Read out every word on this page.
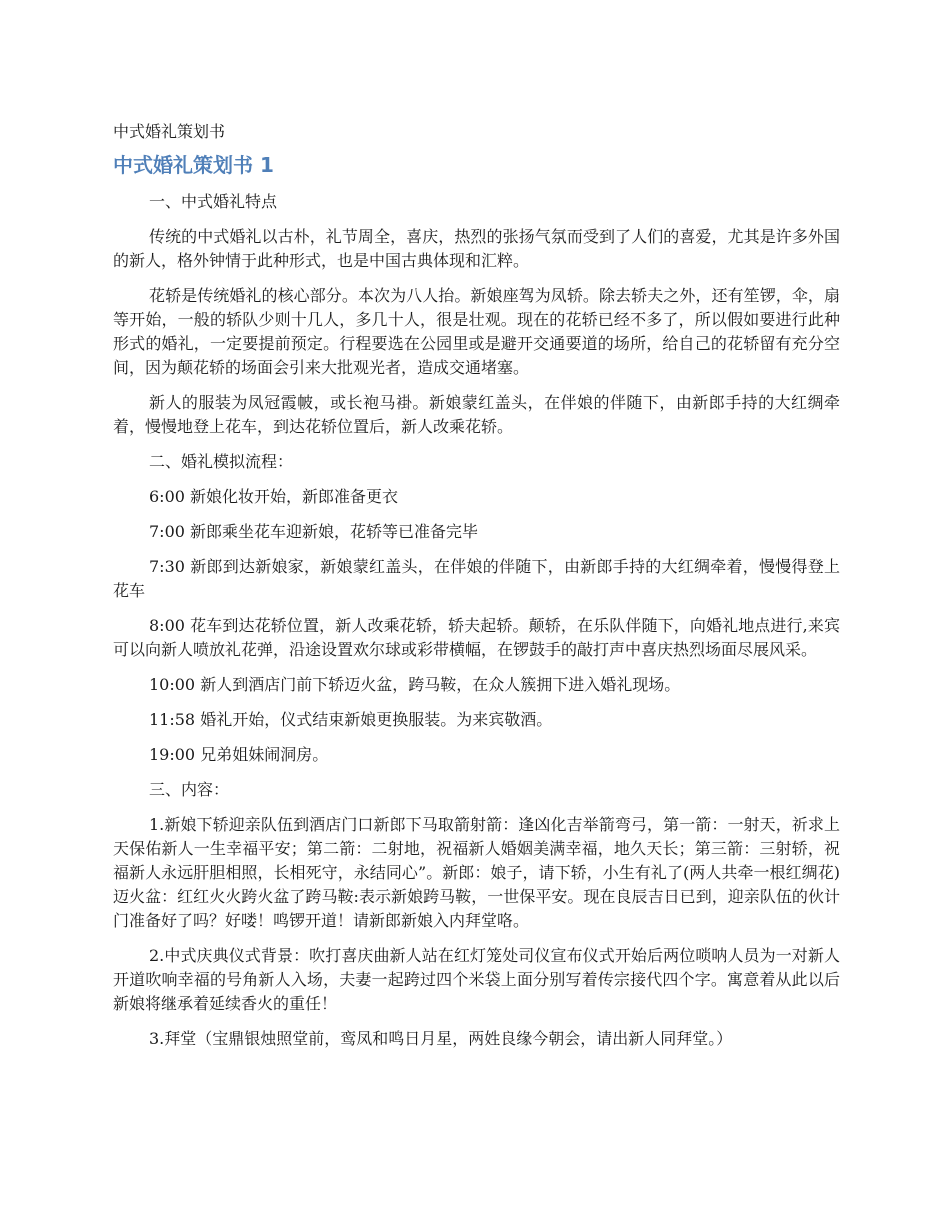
中式婚礼策划书

中式婚礼策划书 1

一、中式婚礼特点

传统的中式婚礼以古朴，礼节周全，喜庆，热烈的张扬气氛而受到了人们的喜爱，尤其是许多外国的新人，格外钟情于此种形式，也是中国古典体现和汇粹。

花轿是传统婚礼的核心部分。本次为八人抬。新娘座驾为凤轿。除去轿夫之外，还有笙锣，伞，扇等开始，一般的轿队少则十几人，多几十人，很是壮观。现在的花轿已经不多了，所以假如要进行此种形式的婚礼，一定要提前预定。行程要选在公园里或是避开交通要道的场所，给自己的花轿留有充分空间，因为颠花轿的场面会引来大批观光者，造成交通堵塞。

新人的服装为凤冠霞帔，或长袍马褂。新娘蒙红盖头，在伴娘的伴随下，由新郎手持的大红绸牵着，慢慢地登上花车，到达花轿位置后，新人改乘花轿。

二、婚礼模拟流程：

6:00 新娘化妆开始，新郎准备更衣

7:00 新郎乘坐花车迎新娘，花轿等已准备完毕

7:30 新郎到达新娘家，新娘蒙红盖头，在伴娘的伴随下，由新郎手持的大红绸牵着，慢慢得登上花车

8:00 花车到达花轿位置，新人改乘花轿，轿夫起轿。颠轿，在乐队伴随下，向婚礼地点进行,来宾可以向新人喷放礼花弹，沿途设置欢尔球或彩带横幅，在锣鼓手的敲打声中喜庆热烈场面尽展风采。

10:00 新人到酒店门前下轿迈火盆，跨马鞍，在众人簇拥下进入婚礼现场。

11:58 婚礼开始，仪式结束新娘更换服装。为来宾敬酒。

19:00 兄弟姐妹闹洞房。

三、内容：

1.新娘下轿迎亲队伍到酒店门口新郎下马取箭射箭：逢凶化吉举箭弯弓，第一箭：一射天，祈求上天保佑新人一生幸福平安；第二箭：二射地，祝福新人婚姻美满幸福，地久天长；第三箭：三射轿，祝福新人永远肝胆相照，长相死守，永结同心”。新郎：娘子，请下轿，小生有礼了(两人共牵一根红绸花)迈火盆：红红火火跨火盆了跨马鞍:表示新娘跨马鞍，一世保平安。现在良辰吉日已到，迎亲队伍的伙计门准备好了吗？好喽！鸣锣开道！请新郎新娘入内拜堂咯。

2.中式庆典仪式背景：吹打喜庆曲新人站在红灯笼处司仪宣布仪式开始后两位唢呐人员为一对新人开道吹响幸福的号角新人入场，夫妻一起跨过四个米袋上面分别写着传宗接代四个字。寓意着从此以后新娘将继承着延续香火的重任！

3.拜堂（宝鼎银烛照堂前，鸾凤和鸣日月星，两姓良缘今朝会，请出新人同拜堂。）
